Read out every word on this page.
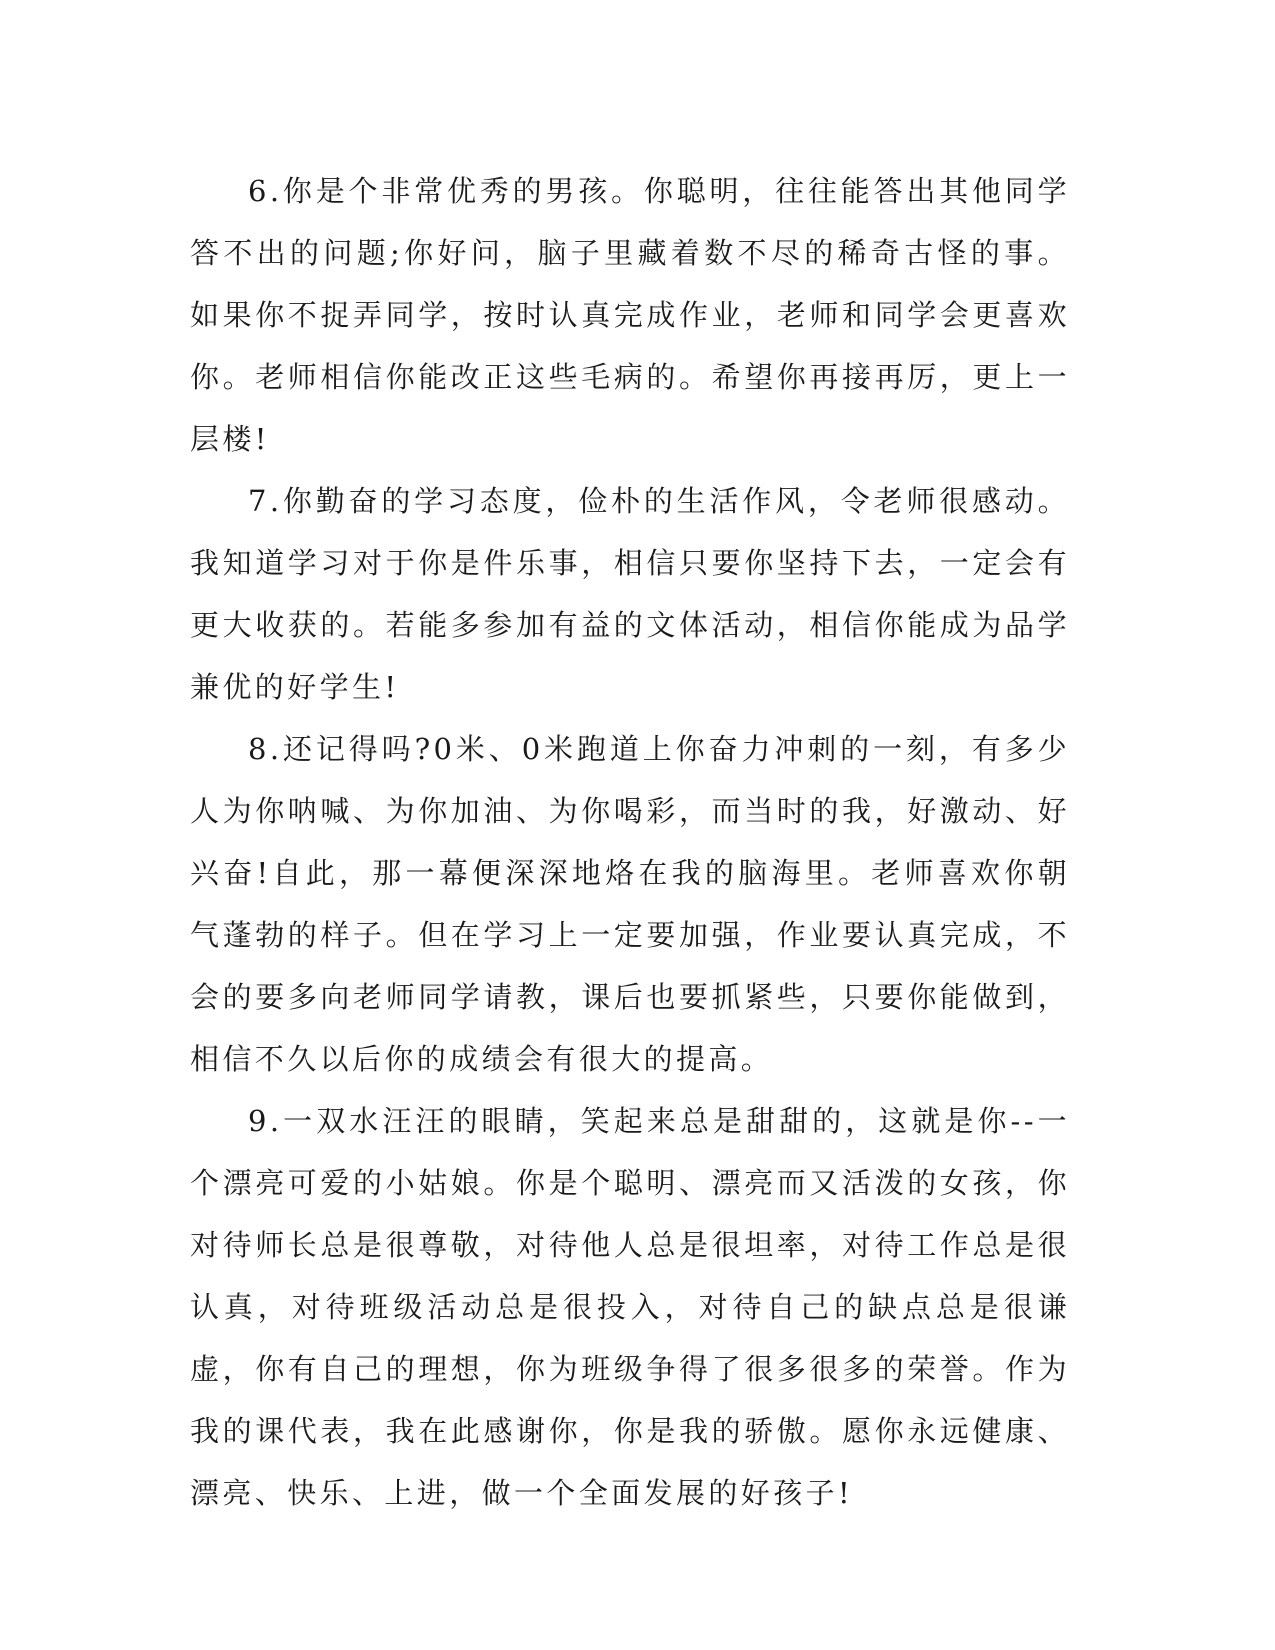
6.你是个非常优秀的男孩。你聪明，往往能答出其他同学答不出的问题;你好问，脑子里藏着数不尽的稀奇古怪的事。如果你不捉弄同学，按时认真完成作业，老师和同学会更喜欢你。老师相信你能改正这些毛病的。希望你再接再厉，更上一层楼!

7.你勤奋的学习态度，俭朴的生活作风，令老师很感动。我知道学习对于你是件乐事，相信只要你坚持下去，一定会有更大收获的。若能多参加有益的文体活动，相信你能成为品学兼优的好学生!

8.还记得吗?0米、0米跑道上你奋力冲刺的一刻，有多少人为你呐喊、为你加油、为你喝彩，而当时的我，好激动、好兴奋!自此，那一幕便深深地烙在我的脑海里。老师喜欢你朝气蓬勃的样子。但在学习上一定要加强，作业要认真完成，不会的要多向老师同学请教，课后也要抓紧些，只要你能做到，相信不久以后你的成绩会有很大的提高。

9.一双水汪汪的眼睛，笑起来总是甜甜的，这就是你--一个漂亮可爱的小姑娘。你是个聪明、漂亮而又活泼的女孩，你对待师长总是很尊敬，对待他人总是很坦率，对待工作总是很认真，对待班级活动总是很投入，对待自己的缺点总是很谦虚，你有自己的理想，你为班级争得了很多很多的荣誉。作为我的课代表，我在此感谢你，你是我的骄傲。愿你永远健康、漂亮、快乐、上进，做一个全面发展的好孩子!
